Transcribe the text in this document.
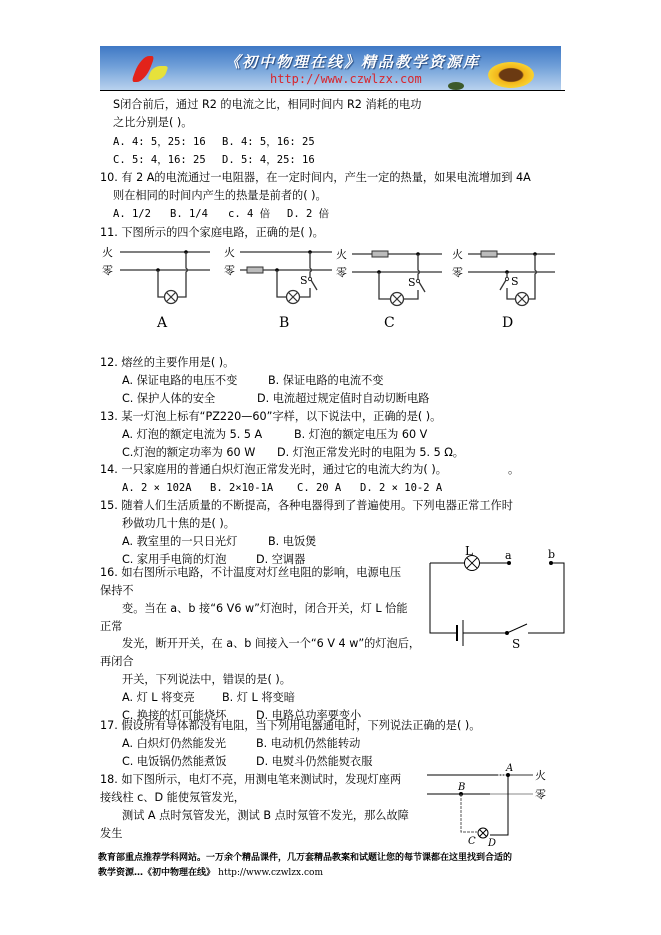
《初中物理在线》精品教学资源库
http://www.czwlzx.com
S闭合前后，通过 R2 的电流之比，相同时间内 R2 消耗的电功
之比分别是( )。
A. 4: 5，25: 16 B. 4: 5，16: 25
C. 5: 4，16: 25 D. 5: 4，25: 16
10. 有 2 A的电流通过一电阻器，在一定时间内，产生一定的热量，如果电流增加到 4A
则在相同的时间内产生的热量是前者的( )。
A. 1/2 B. 1/4 c. 4 倍 D. 2 倍
11. 下图所示的四个家庭电路，正确的是( )。
火
零
A
火
零
S
B
火
零
S
C
火
零
S
D
12. 熔丝的主要作用是( )。
A. 保证电路的电压不变	B. 保证电路的电流不变
C. 保护人体的安全	D. 电流超过规定值时自动切断电路
13. 某一灯泡上标有“PZ220—60”字样，以下说法中，正确的是( )。
A. 灯泡的额定电流为 5. 5 A	B. 灯泡的额定电压为 60 V
C.灯泡的额定功率为 60 W D. 灯泡正常发光时的电阻为 5. 5 Ω。
14. 一只家庭用的普通白炽灯泡正常发光时，通过它的电流大约为( )。	。
A. 2 × 102A B. 2×10-1A C. 20 A D. 2 × 10-2 A
15. 随着人们生活质量的不断提高，各种电器得到了普遍使用。下列电器正常工作时
秒做功几十焦的是( )。
A. 教室里的一只日光灯	B. 电饭煲
C. 家用手电筒的灯泡	D. 空调器
16. 如右图所示电路，不计温度对灯丝电阻的影响，电源电压
保持不
变。当在 a、b 接“6 V6 w”灯泡时，闭合开关，灯 L 恰能
正常
发光，断开开关，在 a、b 间接入一个“6 V 4 w”的灯泡后，
再闭合
开关，下列说法中，错误的是( )。
A. 灯 L 将变亮 B. 灯 L 将变暗
C. 换接的灯可能烧坏	D. 电路总功率要变小
L	a	b
S
17. 假设所有导体都没有电阻，当下列用电器通电时，下列说法正确的是( )。
A. 白炽灯仍然能发光	B. 电动机仍然能转动
C. 电饭锅仍然能煮饭	D. 电熨斗仍然能熨衣服
18. 如下图所示，电灯不亮，用测电笔来测试时，发现灯座两
接线柱 c、D 能使氖管发光，
测试 A 点时氖管发光，测试 B 点时氖管不发光，那么故障
发生
A
B
C D
火
零
教育部重点推荐学科网站。一万余个精品课件，几万套精品教案和试题让您的每节课都在这里找到合适的
教学资源…《初中物理在线》 http://www.czwlzx.com
